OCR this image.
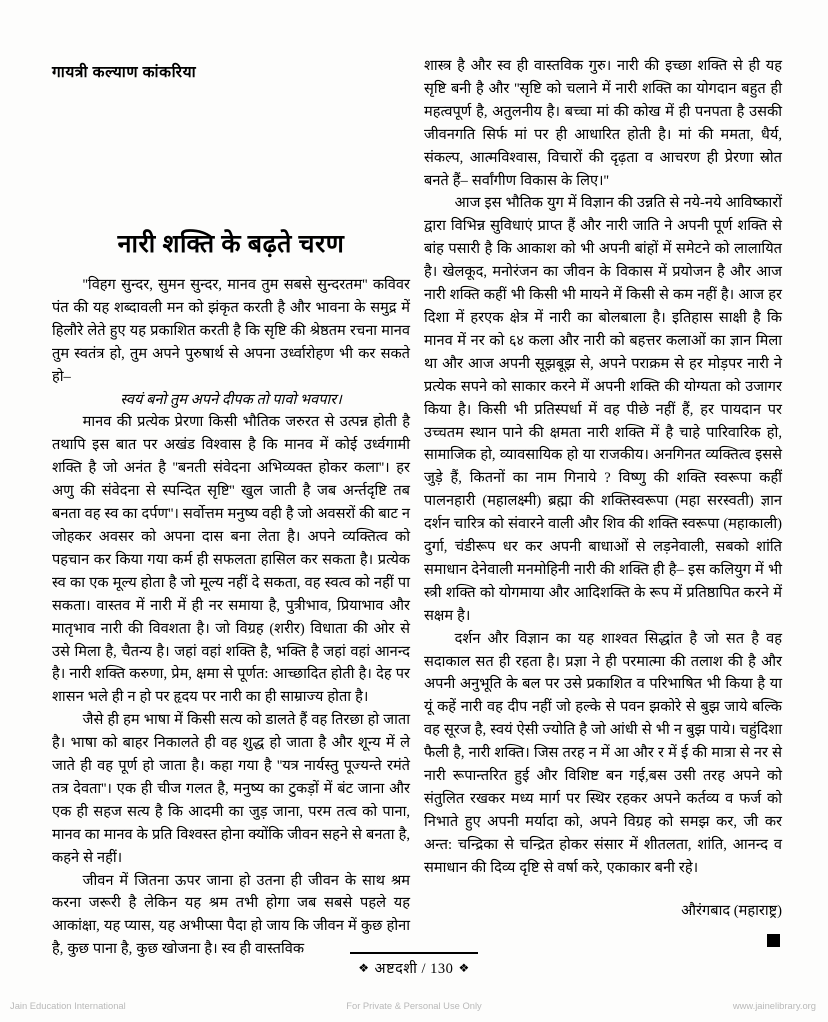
गायत्री कल्याण कांकरिया
नारी शक्ति के बढ़ते चरण

''विहग सुन्दर, सुमन सुन्दर, मानव तुम सबसे सुन्दरतम'' कविवर पंत की यह शब्दावली मन को झंकृत करती है और भावना के समुद्र में हिलौरे लेते हुए यह प्रकाशित करती है कि सृष्टि की श्रेष्ठतम रचना मानव तुम स्वतंत्र हो, तुम अपने पुरुषार्थ से अपना उर्ध्वारोहण भी कर सकते हो–

स्वयं बनो तुम अपने दीपक तो पावो भवपार।

मानव की प्रत्येक प्रेरणा किसी भौतिक जरुरत से उत्पन्न होती है तथापि इस बात पर अखंड विश्वास है कि मानव में कोई उर्ध्वगामी शक्ति है जो अनंत है ''बनती संवेदना अभिव्यक्त होकर कला''। हर अणु की संवेदना से स्पन्दित सृष्टि'' खुल जाती है जब अर्न्तदृष्टि तब बनता वह स्व का दर्पण''। सर्वोत्तम मनुष्य वही है जो अवसरों की बाट न जोहकर अवसर को अपना दास बना लेता है। अपने व्यक्तित्व को पहचान कर किया गया कर्म ही सफलता हासिल कर सकता है। प्रत्येक स्व का एक मूल्य होता है जो मूल्य नहीं दे सकता, वह स्वत्व को नहीं पा सकता। वास्तव में नारी में ही नर समाया है, पुत्रीभाव, प्रियाभाव और मातृभाव नारी की विवशता है। जो विग्रह (शरीर) विधाता की ओर से उसे मिला है, चैतन्य है। जहां वहां शक्ति है, भक्ति है जहां वहां आनन्द है। नारी शक्ति करुणा, प्रेम, क्षमा से पूर्णत: आच्छादित होती है। देह पर शासन भले ही न हो पर हृदय पर नारी का ही साम्राज्य होता है।

जैसे ही हम भाषा में किसी सत्य को डालते हैं वह तिरछा हो जाता है। भाषा को बाहर निकालते ही वह शुद्ध हो जाता है और शून्य में ले जाते ही वह पूर्ण हो जाता है। कहा गया है ''यत्र नार्यस्तु पूज्यन्ते रमंते तत्र देवता''। एक ही चीज गलत है, मनुष्य का टुकड़ों में बंट जाना और एक ही सहज सत्य है कि आदमी का जुड़ जाना, परम तत्व को पाना, मानव का मानव के प्रति विश्वस्त होना क्योंकि जीवन सहने से बनता है, कहने से नहीं।

जीवन में जितना ऊपर जाना हो उतना ही जीवन के साथ श्रम करना जरूरी है लेकिन यह श्रम तभी होगा जब सबसे पहले यह आकांक्षा, यह प्यास, यह अभीप्सा पैदा हो जाय कि जीवन में कुछ होना है, कुछ पाना है, कुछ खोजना है। स्व ही वास्तविक

शास्त्र है और स्व ही वास्तविक गुरु। नारी की इच्छा शक्ति से ही यह सृष्टि बनी है और ''सृष्टि को चलाने में नारी शक्ति का योगदान बहुत ही महत्वपूर्ण है, अतुलनीय है। बच्चा मां की कोख में ही पनपता है उसकी जीवनगति सिर्फ मां पर ही आधारित होती है। मां की ममता, धैर्य, संकल्प, आत्मविश्वास, विचारों की दृढ़ता व आचरण ही प्रेरणा स्रोत बनते हैं– सर्वांगीण विकास के लिए।''

आज इस भौतिक युग में विज्ञान की उन्नति से नये-नये आविष्कारों द्वारा विभिन्न सुविधाएं प्राप्त हैं और नारी जाति ने अपनी पूर्ण शक्ति से बांह पसारी है कि आकाश को भी अपनी बांहों में समेटने को लालायित है। खेलकूद, मनोरंजन का जीवन के विकास में प्रयोजन है और आज नारी शक्ति कहीं भी किसी भी मायने में किसी से कम नहीं है। आज हर दिशा में हरएक क्षेत्र में नारी का बोलबाला है। इतिहास साक्षी है कि मानव में नर को ६४ कला और नारी को बहत्तर कलाओं का ज्ञान मिला था और आज अपनी सूझबूझ से, अपने पराक्रम से हर मोड़पर नारी ने प्रत्येक सपने को साकार करने में अपनी शक्ति की योग्यता को उजागर किया है। किसी भी प्रतिस्पर्धा में वह पीछे नहीं हैं, हर पायदान पर उच्चतम स्थान पाने की क्षमता नारी शक्ति में है चाहे पारिवारिक हो, सामाजिक हो, व्यावसायिक हो या राजकीय। अनगिनत व्यक्तित्व इससे जुड़े हैं, कितनों का नाम गिनाये ? विष्णु की शक्ति स्वरूपा कहीं पालनहारी (महालक्ष्मी) ब्रह्मा की शक्तिस्वरूपा (महा सरस्वती) ज्ञान दर्शन चारित्र को संवारने वाली और शिव की शक्ति स्वरूपा (महाकाली) दुर्गा, चंडीरूप धर कर अपनी बाधाओं से लड़नेवाली, सबको शांति समाधान देनेवाली मनमोहिनी नारी की शक्ति ही है– इस कलियुग में भी स्त्री शक्ति को योगमाया और आदिशक्ति के रूप में प्रतिष्ठापित करने में सक्षम है।

दर्शन और विज्ञान का यह शाश्वत सिद्धांत है जो सत है वह सदाकाल सत ही रहता है। प्रज्ञा ने ही परमात्मा की तलाश की है और अपनी अनुभूति के बल पर उसे प्रकाशित व परिभाषित भी किया है या यूं कहें नारी वह दीप नहीं जो हल्के से पवन झकोरे से बुझ जाये बल्कि वह सूरज है, स्वयं ऐसी ज्योति है जो आंधी से भी न बुझ पाये। चहुंदिशा फैली है, नारी शक्ति। जिस तरह न में आ और र में ई की मात्रा से नर से नारी रूपान्तरित हुई और विशिष्ट बन गई,बस उसी तरह अपने को संतुलित रखकर मध्य मार्ग पर स्थिर रहकर अपने कर्तव्य व फर्ज को निभाते हुए अपनी मर्यादा को, अपने विग्रह को समझ कर, जी कर अन्त: चन्द्रिका से चन्द्रित होकर संसार में शीतलता, शांति, आनन्द व समाधान की दिव्य दृष्टि से वर्षा करे, एकाकार बनी रहे।

औरंगबाद (महाराष्ट्र)
❖ अष्टदशी / 130 ❖
Jain Education International	For Private & Personal Use Only	www.jainelibrary.org
